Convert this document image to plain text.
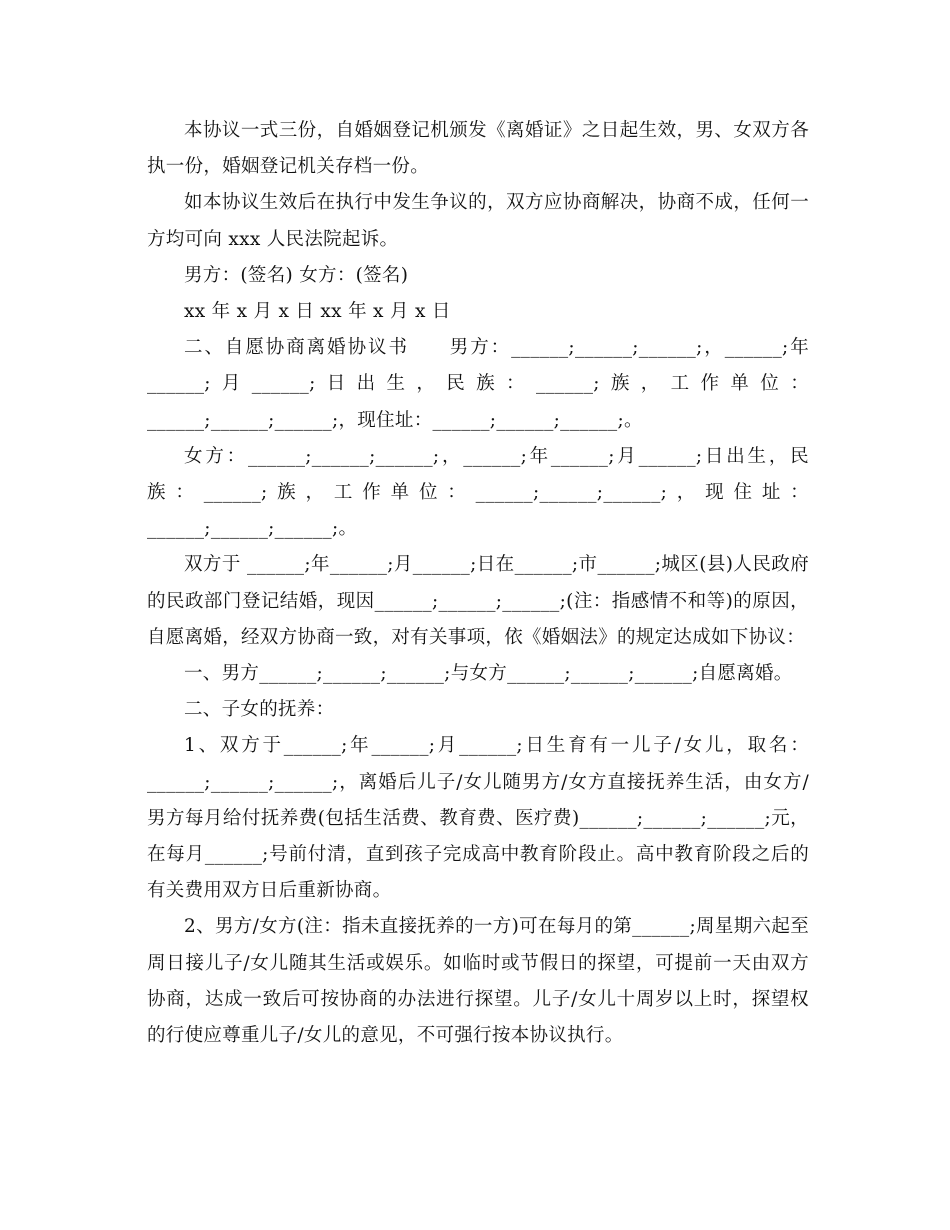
本协议一式三份，自婚姻登记机颁发《离婚证》之日起生效，男、女双方各执一份，婚姻登记机关存档一份。

如本协议生效后在执行中发生争议的，双方应协商解决，协商不成，任何一方均可向 xxx 人民法院起诉。

男方：(签名) 女方：(签名)

xx 年 x 月 x 日 xx 年 x 月 x 日

二、自愿协商离婚协议书　　男方：______;______;______;，______;年______;月______;日出生，民族：______;族，工作单位：______;______;______;，现住址：______;______;______;。

女方：______;______;______;，______;年______;月______;日出生，民族：______;族，工作单位：______;______;______;，现住址：______;______;______;。

双方于 ______;年______;月______;日在______;市______;城区(县)人民政府的民政部门登记结婚，现因______;______;______;(注：指感情不和等)的原因，自愿离婚，经双方协商一致，对有关事项，依《婚姻法》的规定达成如下协议：

一、男方______;______;______;与女方______;______;______;自愿离婚。

二、子女的抚养：

1、双方于______;年______;月______;日生育有一儿子/女儿，取名：______;______;______;，离婚后儿子/女儿随男方/女方直接抚养生活，由女方/男方每月给付抚养费(包括生活费、教育费、医疗费)______;______;______;元，在每月______;号前付清，直到孩子完成高中教育阶段止。高中教育阶段之后的有关费用双方日后重新协商。

2、男方/女方(注：指未直接抚养的一方)可在每月的第______;周星期六起至周日接儿子/女儿随其生活或娱乐。如临时或节假日的探望，可提前一天由双方协商，达成一致后可按协商的办法进行探望。儿子/女儿十周岁以上时，探望权的行使应尊重儿子/女儿的意见，不可强行按本协议执行。
